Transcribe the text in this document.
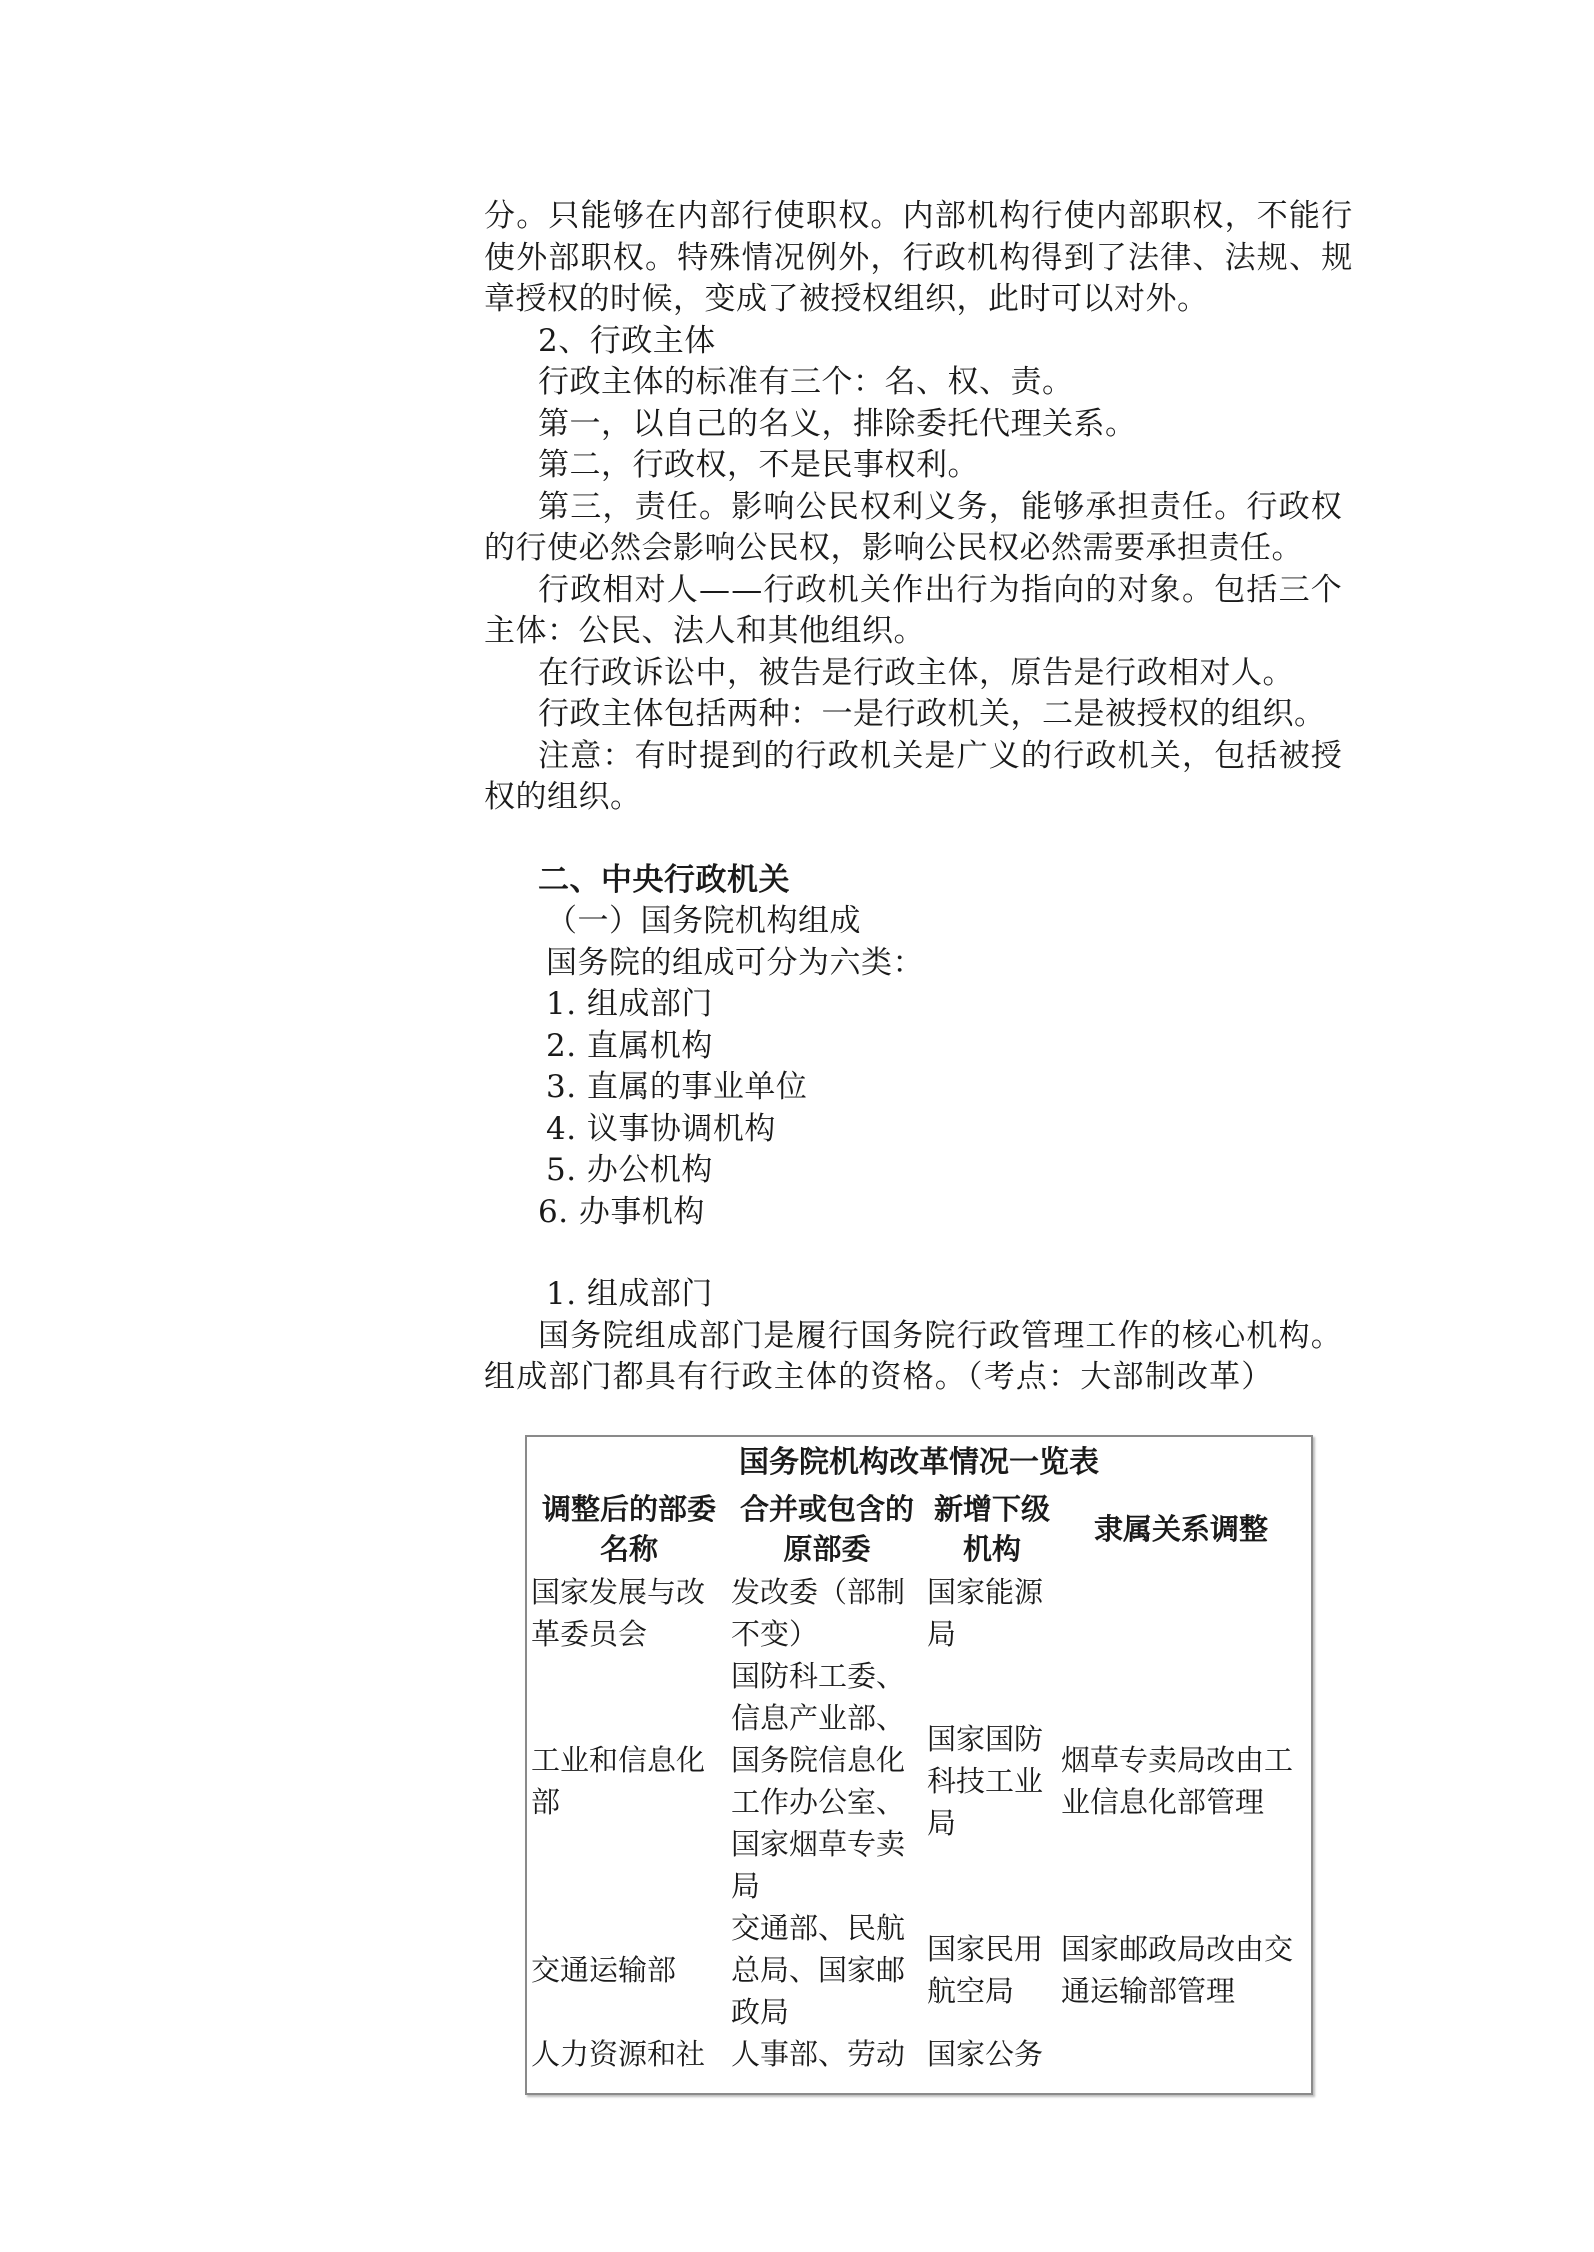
分。只能够在内部行使职权。内部机构行使内部职权，不能行
使外部职权。特殊情况例外，行政机构得到了法律、法规、规
章授权的时候，变成了被授权组织，此时可以对外。
2、行政主体
行政主体的标准有三个：名、权、责。
第一，以自己的名义，排除委托代理关系。
第二，行政权，不是民事权利。
第三，责任。影响公民权利义务，能够承担责任。行政权
的行使必然会影响公民权，影响公民权必然需要承担责任。
行政相对人——行政机关作出行为指向的对象。包括三个
主体：公民、法人和其他组织。
在行政诉讼中，被告是行政主体，原告是行政相对人。
行政主体包括两种：一是行政机关，二是被授权的组织。
注意：有时提到的行政机关是广义的行政机关，包括被授
权的组织。
二、中央行政机关
（一）国务院机构组成
国务院的组成可分为六类：
1. 组成部门
2. 直属机构
3. 直属的事业单位
4. 议事协调机构
5. 办公机构
6. 办事机构
1. 组成部门
国务院组成部门是履行国务院行政管理工作的核心机构。
组成部门都具有行政主体的资格。（考点：大部制改革）
国务院机构改革情况一览表
调整后的部委名称	合并或包含的原部委	新增下级机构	隶属关系调整
国家发展与改革委员会	发改委（部制不变）	国家能源局	
工业和信息化部	国防科工委、信息产业部、国务院信息化工作办公室、国家烟草专卖局	国家国防科技工业局	烟草专卖局改由工业信息化部管理
交通运输部	交通部、民航总局、国家邮政局	国家民用航空局	国家邮政局改由交通运输部管理
人力资源和社	人事部、劳动	国家公务	
